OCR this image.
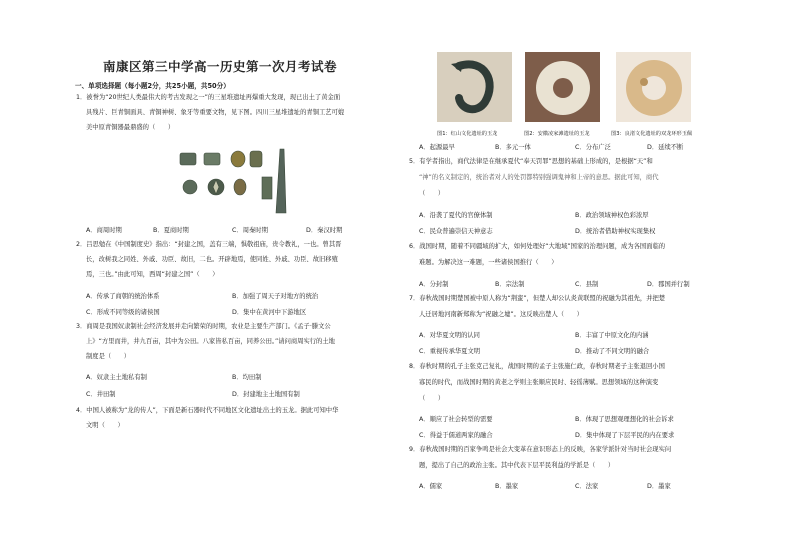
南康区第三中学高一历史第一次月考试卷
一、单项选择题（每小题2分，共25小题，共50分）
1．被誉为“20世纪人类最伟大的考古发现之一”的三星堆遗址再爆重大发现，现已出土了黄金面
具残片、巨青铜面具、青铜神树、象牙等重要文物，见下图。四川三星堆遗址的青铜工艺可媲
美中原青铜器最鼎盛的（　　）
A．商周时期	B．夏商时期	C．周秦时期	D．秦汉时期
2．吕思勉在《中国制度史》指出：“封建之国，盖有三端，惧敬祖庙，贵令教礼，一也。曾其晋
长，改树我之同姓、外戚、功臣、故旧，二也。开辟地焉，使同姓、外戚、功臣、故旧移殖
焉，三也。”由此可知，西周“封建之国”（　　）
A．传承了商朝的统治体系	B．加强了周天子对地方的统治
C．形成不同等级的诸侯国	D．集中在黄河中下游地区
3．商周是我国奴隶制社会经济发展并走向繁荣的时期，农业是主要生产部门。《孟子·滕文公
上》“方里而井，井九百亩，其中为公田。八家皆私百亩，同养公田。”请问商周实行的土地
制度是（　　）
A．奴隶主土地私有制	B．均田制
C．井田制	D．封建地主土地国有制
4．中国人被称为“龙的传人”，下面是新石器时代不同地区文化遗址出土的玉龙。据此可知中华
文明（　　）
图1：红山文化遗址的玉龙	图2：安徽凌家滩遗址的玉龙	图3：良渚文化遗址的双龙环形玉佩
A．起源最早	B．多元一体	C．分布广泛	D．延续不断
5．有学者指出，商代法律是在继承夏代“奉天罚罪”思想的基础上形成的，是根据“天”和
“神”的名义制定的，统治者对人的处罚都特别强调鬼神和上帝的意思。据此可知，商代
（　　）
A．沿袭了夏代的官僚体制	B．政治领域神权色彩浓厚
C．民众普遍崇信天神意志	D．统治者借助神权实现集权
6．战国时期，随着不同疆域的扩大，如何处理好“大地域”国家的治理问题，成为各国面临的
难题。为解决这一难题，一些诸侯国推行（　　）
A．分封制	B．宗法制	C．县制	D．郡国并行制
7．春秋战国时期楚国被中原人称为“荆蛮”，但楚人却公认炎黄联盟的祝融为其祖先，并把楚
人迁居地河南新郑称为“祝融之墟”。这反映出楚人（　　）
A．对华夏文明的认同	B．丰富了中原文化的内涵
C．重视传承华夏文明	D．推动了不同文明的融合
8．春秋时期的孔子主张克己复礼，战国时期的孟子主张施仁政，春秋时期老子主张退回小国
寡民的时代，而战国时期的黄老之学则主张顺应民时、轻徭薄赋。思想领域的这种演变
（　　）
A．顺应了社会转型的需要	B．体现了思想观理想化的社会诉求
C．得益于儒道两家的融合	D．集中体现了下层平民的内在要求
9．春秋战国时期的百家争鸣是社会大变革在意识形态上的反映，各家学派针对当时社会现实问
题，提出了自己的政治主张。其中代表下层平民利益的学派是（　　）
A．儒家	B．墨家	C．法家	D．墨家
